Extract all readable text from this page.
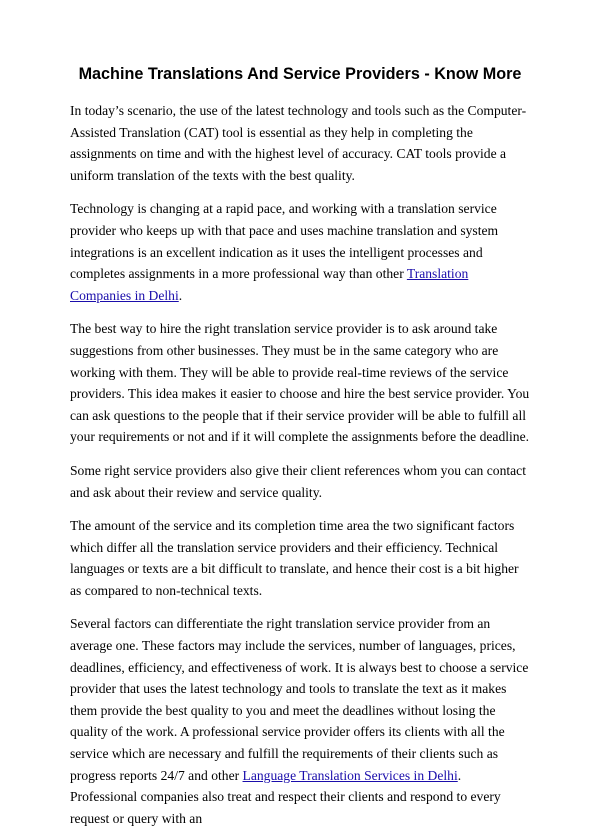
Machine Translations And Service Providers - Know More

In today’s scenario, the use of the latest technology and tools such as the Computer-Assisted Translation (CAT) tool is essential as they help in completing the assignments on time and with the highest level of accuracy. CAT tools provide a uniform translation of the texts with the best quality.

Technology is changing at a rapid pace, and working with a translation service provider who keeps up with that pace and uses machine translation and system integrations is an excellent indication as it uses the intelligent processes and completes assignments in a more professional way than other Translation Companies in Delhi.

The best way to hire the right translation service provider is to ask around take suggestions from other businesses. They must be in the same category who are working with them. They will be able to provide real-time reviews of the service providers. This idea makes it easier to choose and hire the best service provider. You can ask questions to the people that if their service provider will be able to fulfill all your requirements or not and if it will complete the assignments before the deadline.

Some right service providers also give their client references whom you can contact and ask about their review and service quality.

The amount of the service and its completion time area the two significant factors which differ all the translation service providers and their efficiency. Technical languages or texts are a bit difficult to translate, and hence their cost is a bit higher as compared to non-technical texts.

Several factors can differentiate the right translation service provider from an average one. These factors may include the services, number of languages, prices, deadlines, efficiency, and effectiveness of work. It is always best to choose a service provider that uses the latest technology and tools to translate the text as it makes them provide the best quality to you and meet the deadlines without losing the quality of the work. A professional service provider offers its clients with all the service which are necessary and fulfill the requirements of their clients such as progress reports 24/7 and other Language Translation Services in Delhi. Professional companies also treat and respect their clients and respond to every request or query with an
